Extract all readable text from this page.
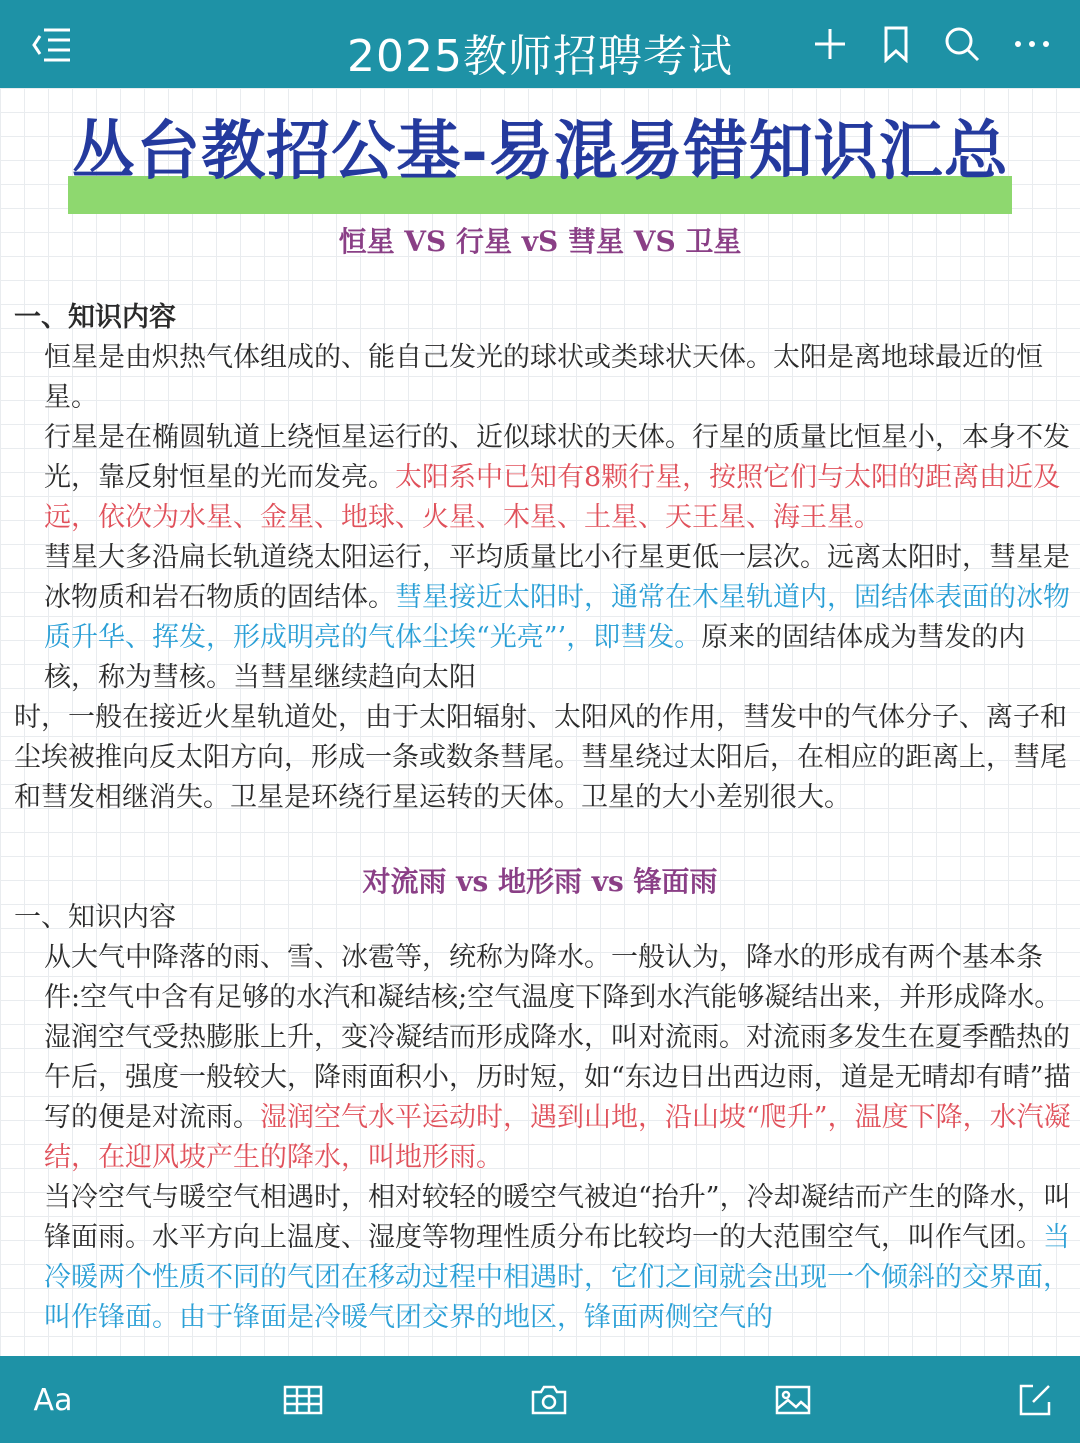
2025教师招聘考试
丛台教招公基-易混易错知识汇总
恒星 VS 行星 vS 彗星 VS 卫星

一、知识内容

恒星是由炽热气体组成的、能自己发光的球状或类球状天体。太阳是离地球最近的恒星。

行星是在椭圆轨道上绕恒星运行的、近似球状的天体。行星的质量比恒星小，本身不发光，靠反射恒星的光而发亮。太阳系中已知有8颗行星，按照它们与太阳的距离由近及远，依次为水星、金星、地球、火星、木星、土星、天王星、海王星。

彗星大多沿扁长轨道绕太阳运行，平均质量比小行星更低一层次。远离太阳时，彗星是冰物质和岩石物质的固结体。彗星接近太阳时，通常在木星轨道内，固结体表面的冰物质升华、挥发，形成明亮的气体尘埃“光亮”’，即彗发。原来的固结体成为彗发的内核，称为彗核。当彗星继续趋向太阳

时，一般在接近火星轨道处，由于太阳辐射、太阳风的作用，彗发中的气体分子、离子和尘埃被推向反太阳方向，形成一条或数条彗尾。彗星绕过太阳后，在相应的距离上，彗尾和彗发相继消失。卫星是环绕行星运转的天体。卫星的大小差别很大。

对流雨 vs 地形雨 vs 锋面雨

一、知识内容

从大气中降落的雨、雪、冰雹等，统称为降水。一般认为，降水的形成有两个基本条件:空气中含有足够的水汽和凝结核;空气温度下降到水汽能够凝结出来，并形成降水。湿润空气受热膨胀上升，变冷凝结而形成降水，叫对流雨。对流雨多发生在夏季酷热的午后，强度一般较大，降雨面积小，历时短，如“东边日出西边雨，道是无晴却有晴”描写的便是对流雨。湿润空气水平运动时，遇到山地，沿山坡“爬升”，温度下降，水汽凝结，在迎风坡产生的降水，叫地形雨。

当冷空气与暖空气相遇时，相对较轻的暖空气被迫“抬升”，冷却凝结而产生的降水，叫锋面雨。水平方向上温度、湿度等物理性质分布比较均一的大范围空气，叫作气团。当冷暖两个性质不同的气团在移动过程中相遇时，它们之间就会出现一个倾斜的交界面，叫作锋面。由于锋面是冷暖气团交界的地区，锋面两侧空气的

Aa
